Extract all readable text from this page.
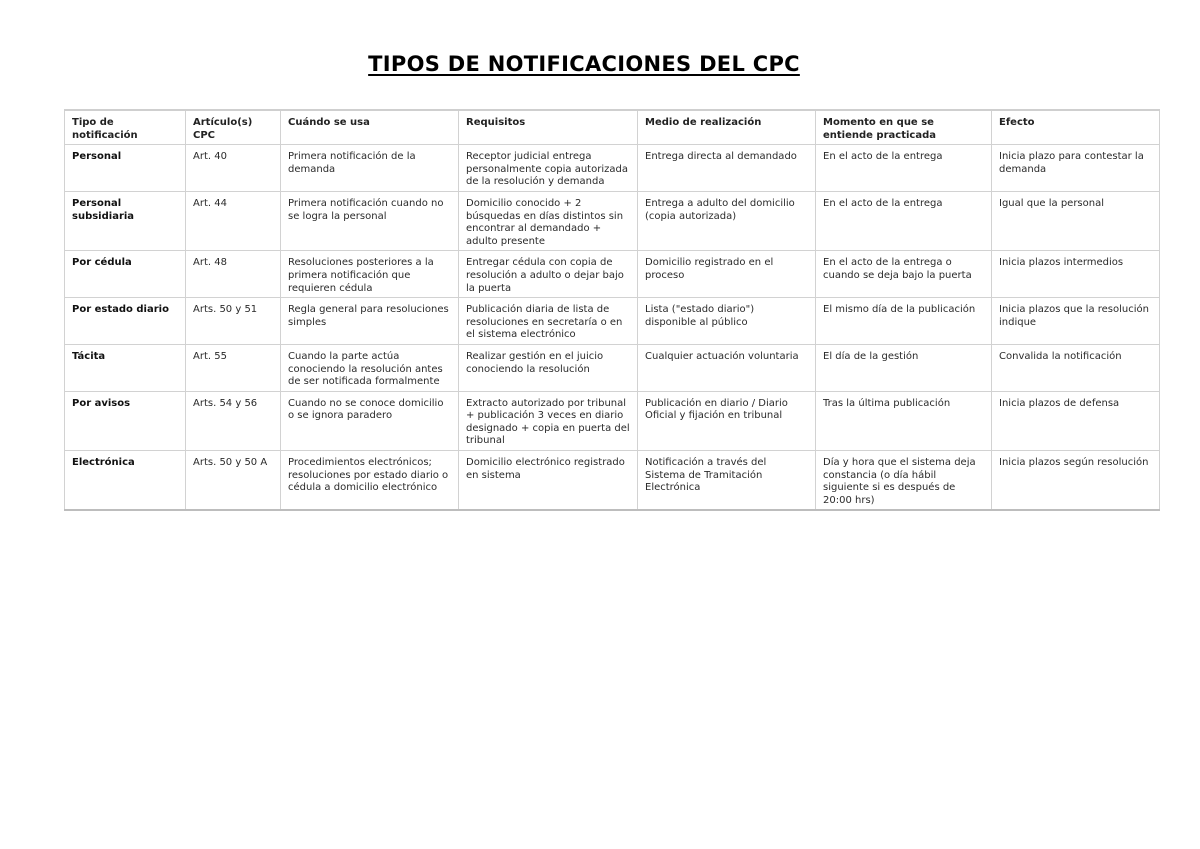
TIPOS DE NOTIFICACIONES DEL CPC
Tipo de notificación	Artículo(s) CPC	Cuándo se usa	Requisitos	Medio de realización	Momento en que se entiende practicada	Efecto
Personal	Art. 40	Primera notificación de la demanda	Receptor judicial entrega personalmente copia autorizada de la resolución y demanda	Entrega directa al demandado	En el acto de la entrega	Inicia plazo para contestar la demanda
Personal subsidiaria	Art. 44	Primera notificación cuando no se logra la personal	Domicilio conocido + 2 búsquedas en días distintos sin encontrar al demandado + adulto presente	Entrega a adulto del domicilio (copia autorizada)	En el acto de la entrega	Igual que la personal
Por cédula	Art. 48	Resoluciones posteriores a la primera notificación que requieren cédula	Entregar cédula con copia de resolución a adulto o dejar bajo la puerta	Domicilio registrado en el proceso	En el acto de la entrega o cuando se deja bajo la puerta	Inicia plazos intermedios
Por estado diario	Arts. 50 y 51	Regla general para resoluciones simples	Publicación diaria de lista de resoluciones en secretaría o en el sistema electrónico	Lista ("estado diario") disponible al público	El mismo día de la publicación	Inicia plazos que la resolución indique
Tácita	Art. 55	Cuando la parte actúa conociendo la resolución antes de ser notificada formalmente	Realizar gestión en el juicio conociendo la resolución	Cualquier actuación voluntaria	El día de la gestión	Convalida la notificación
Por avisos	Arts. 54 y 56	Cuando no se conoce domicilio o se ignora paradero	Extracto autorizado por tribunal + publicación 3 veces en diario designado + copia en puerta del tribunal	Publicación en diario / Diario Oficial y fijación en tribunal	Tras la última publicación	Inicia plazos de defensa
Electrónica	Arts. 50 y 50 A	Procedimientos electrónicos; resoluciones por estado diario o cédula a domicilio electrónico	Domicilio electrónico registrado en sistema	Notificación a través del Sistema de Tramitación Electrónica	Día y hora que el sistema deja constancia (o día hábil siguiente si es después de 20:00 hrs)	Inicia plazos según resolución
